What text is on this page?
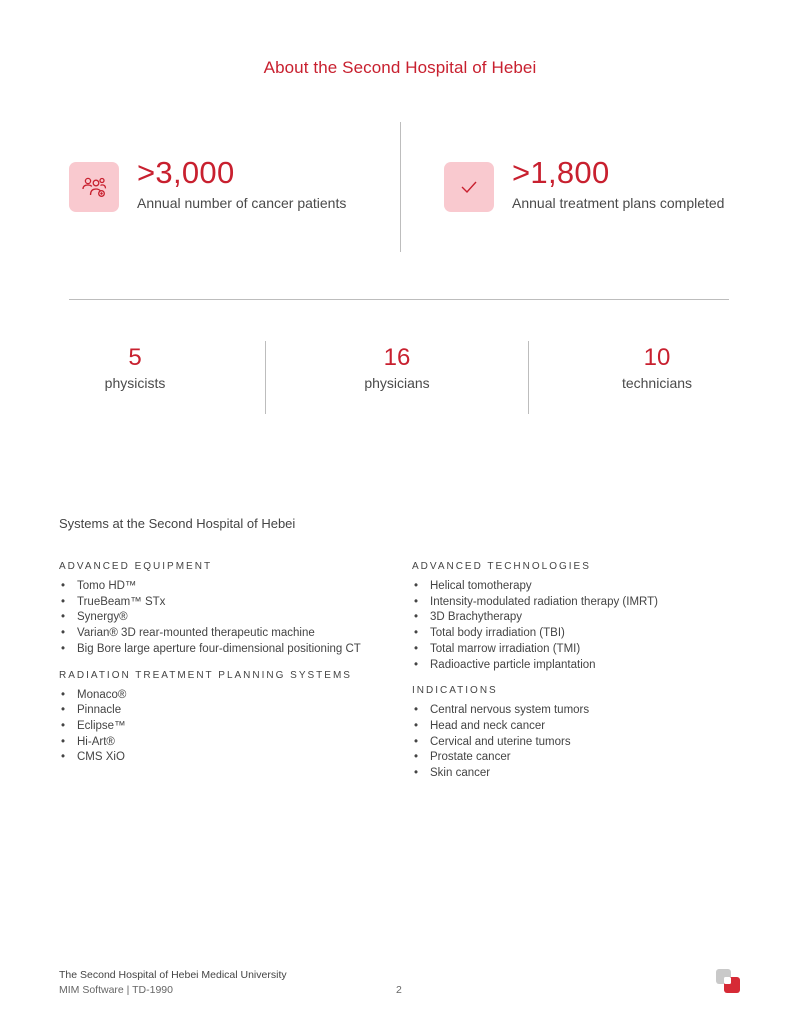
About the Second Hospital of Hebei
>3,000
Annual number of cancer patients
>1,800
Annual treatment plans completed
5
physicists
16
physicians
10
technicians
Systems at the Second Hospital of Hebei
ADVANCED EQUIPMENT
• Tomo HD™
• TrueBeam™ STx
• Synergy®
• Varian® 3D rear-mounted therapeutic machine
• Big Bore large aperture four-dimensional positioning CT
RADIATION TREATMENT PLANNING SYSTEMS
• Monaco®
• Pinnacle
• Eclipse™
• Hi-Art®
• CMS XiO
ADVANCED TECHNOLOGIES
• Helical tomotherapy
• Intensity-modulated radiation therapy (IMRT)
• 3D Brachytherapy
• Total body irradiation (TBI)
• Total marrow irradiation (TMI)
• Radioactive particle implantation
INDICATIONS
• Central nervous system tumors
• Head and neck cancer
• Cervical and uterine tumors
• Prostate cancer
• Skin cancer
The Second Hospital of Hebei Medical University
MIM Software | TD-1990	2
